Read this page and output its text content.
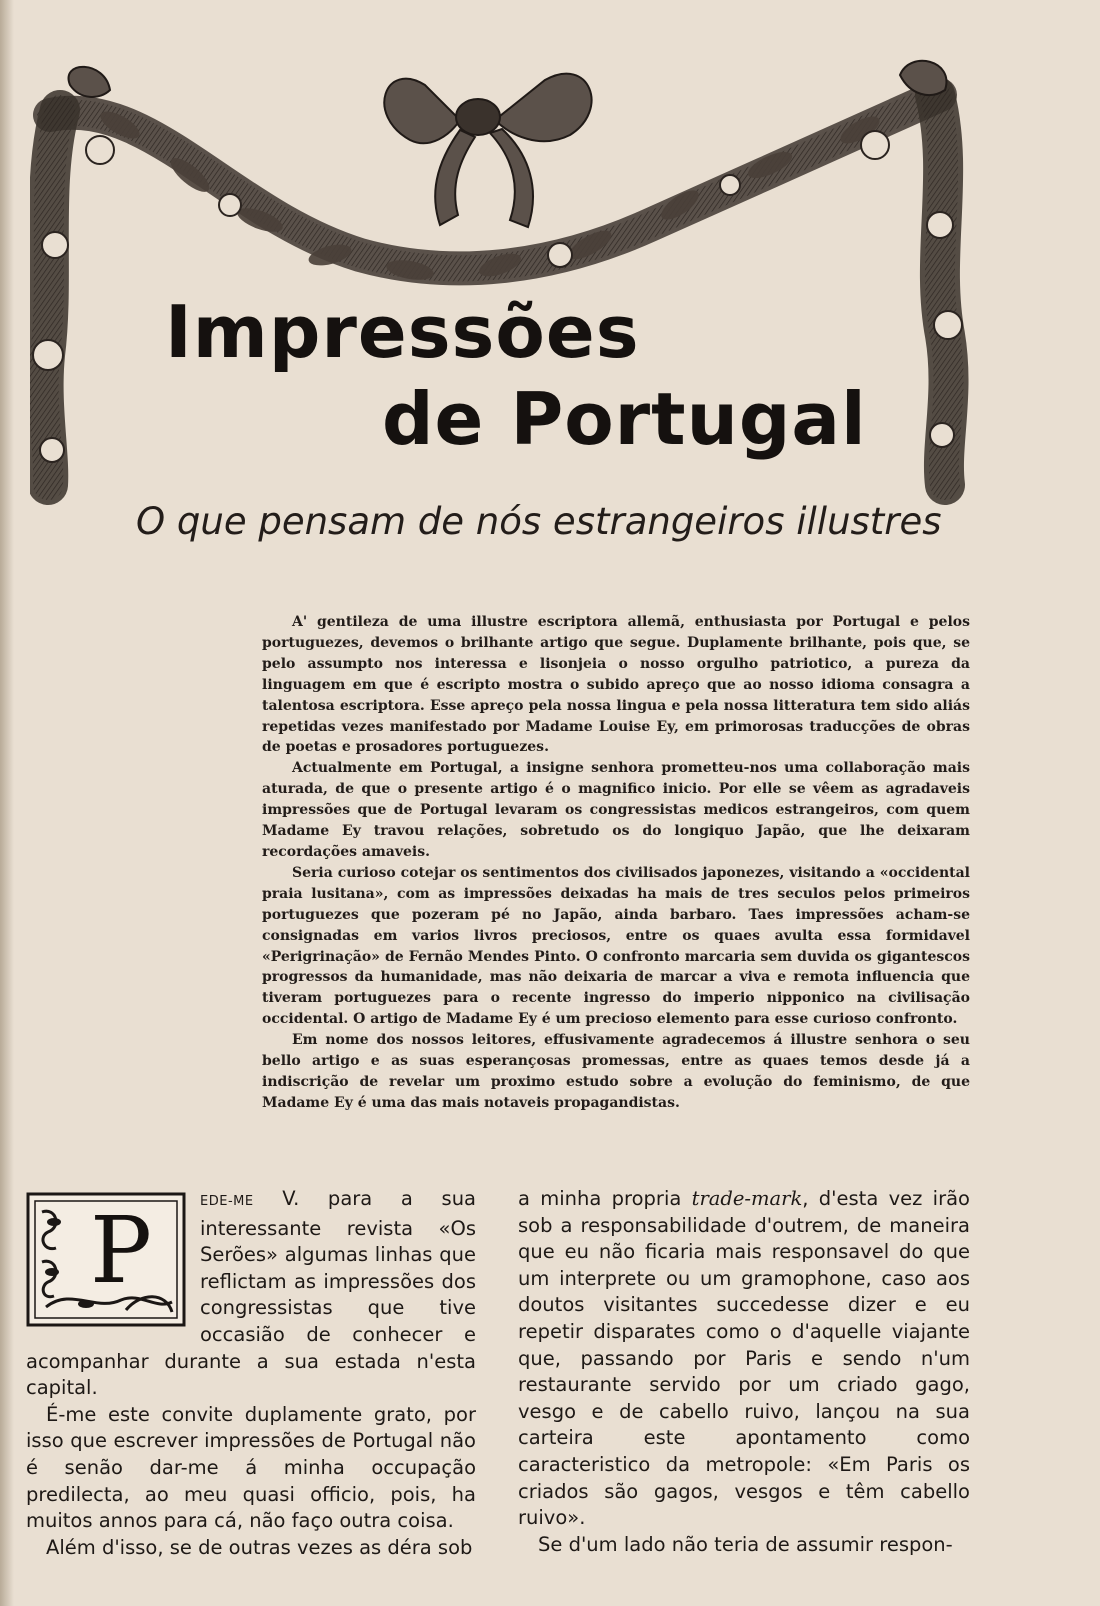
Impressões
de Portugal
O que pensam de nós estrangeiros illustres

A' gentileza de uma illustre escriptora allemã, enthusiasta por Portugal e pelos portuguezes, devemos o brilhante artigo que segue. Duplamente brilhante, pois que, se pelo assumpto nos interessa e lisonjeia o nosso orgulho patriotico, a pureza da linguagem em que é escripto mostra o subido apreço que ao nosso idioma consagra a talentosa escriptora. Esse apreço pela nossa lingua e pela nossa litteratura tem sido aliás repetidas vezes manifestado por Madame Louise Ey, em primorosas traducções de obras de poetas e prosadores portuguezes.

Actualmente em Portugal, a insigne senhora prometteu-nos uma collaboração mais aturada, de que o presente artigo é o magnifico inicio. Por elle se vêem as agradaveis impressões que de Portugal levaram os congressistas medicos estrangeiros, com quem Madame Ey travou relações, sobretudo os do longiquo Japão, que lhe deixaram recordações amaveis.

Seria curioso cotejar os sentimentos dos civilisados japonezes, visitando a «occidental praia lusitana», com as impressões deixadas ha mais de tres seculos pelos primeiros portuguezes que pozeram pé no Japão, ainda barbaro. Taes impressões acham-se consignadas em varios livros preciosos, entre os quaes avulta essa formidavel «Perigrinação» de Fernão Mendes Pinto. O confronto marcaria sem duvida os gigantescos progressos da humanidade, mas não deixaria de marcar a viva e remota influencia que tiveram portuguezes para o recente ingresso do imperio nipponico na civilisação occidental. O artigo de Madame Ey é um precioso elemento para esse curioso confronto.

Em nome dos nossos leitores, effusivamente agradecemos á illustre senhora o seu bello artigo e as suas esperançosas promessas, entre as quaes temos desde já a indiscrição de revelar um proximo estudo sobre a evolução do feminismo, de que Madame Ey é uma das mais notaveis propagandistas.

P	EDE-ME V. para a sua interessante revista «Os Serões» algumas linhas que reflictam as impressões dos congressistas que tive occasião de conhecer e acompanhar durante a sua estada n'esta capital.

É-me este convite duplamente grato, por isso que escrever impressões de Portugal não é senão dar-me á minha occupação predilecta, ao meu quasi officio, pois, ha muitos annos para cá, não faço outra coisa.

Além d'isso, se de outras vezes as déra sob

a minha propria trade-mark, d'esta vez irão sob a responsabilidade d'outrem, de maneira que eu não ficaria mais responsavel do que um interprete ou um gramophone, caso aos doutos visitantes succedesse dizer e eu repetir disparates como o d'aquelle viajante que, passando por Paris e sendo n'um restaurante servido por um criado gago, vesgo e de cabello ruivo, lançou na sua carteira este apontamento como caracteristico da metropole: «Em Paris os criados são gagos, vesgos e têm cabello ruivo».

Se d'um lado não teria de assumir respon-
